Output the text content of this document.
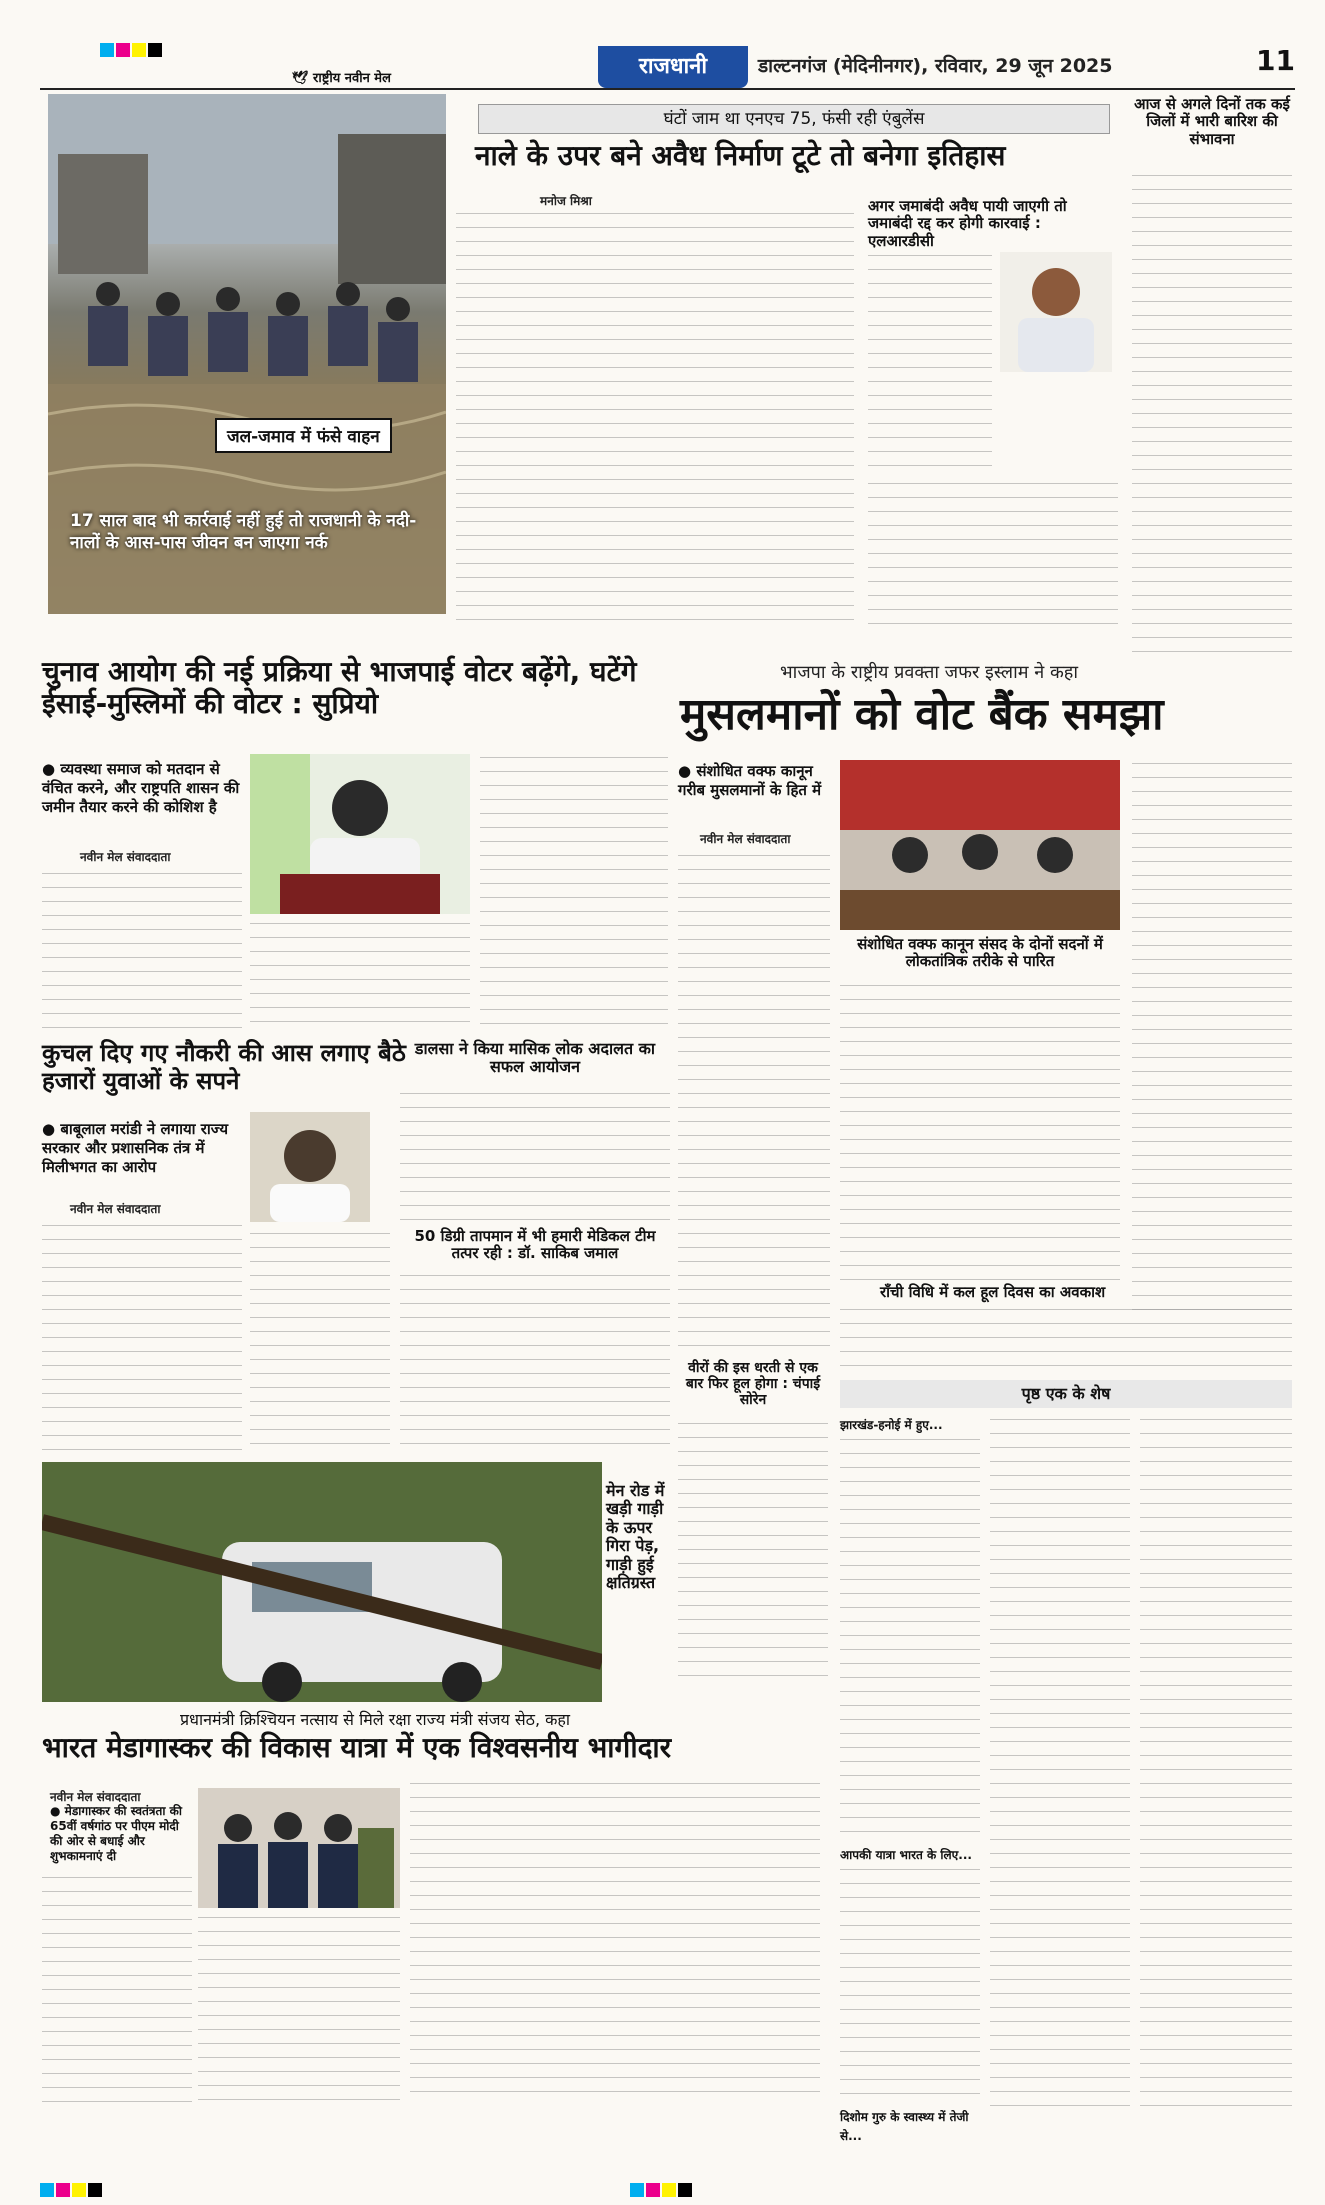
राजधानी	डाल्टनगंज (मेदिनीनगर), रविवार, 29 जून 2025	11
🕊 राष्ट्रीय नवीन मेल
जल-जमाव में फंसे वाहन
17 साल बाद भी कार्रवाई नहीं हुई तो राजधानी के नदी-नालों के आस-पास जीवन बन जाएगा नर्क
घंटों जाम था एनएच 75, फंसी रही एंबुलेंस
नाले के उपर बने अवैध निर्माण टूटे तो बनेगा इतिहास
मनोज मिश्रा	अगर जमाबंदी अवैध पायी जाएगी तो जमाबंदी रद्द कर होगी कारवाई : एलआरडीसी
आज से अगले दिनों तक कई जिलों में भारी बारिश की संभावना
चुनाव आयोग की नई प्रक्रिया से भाजपाई वोटर बढ़ेंगे, घटेंगे ईसाई-मुस्लिमों की वोटर : सुप्रियो
● व्यवस्था समाज को मतदान से वंचित करने, और राष्ट्रपति शासन की जमीन तैयार करने की कोशिश है
नवीन मेल संवाददाता
भाजपा के राष्ट्रीय प्रवक्ता जफर इस्लाम ने कहा
मुसलमानों को वोट बैंक समझा
● संशोधित वक्फ कानून गरीब मुसलमानों के हित में
नवीन मेल संवाददाता
संशोधित वक्फ कानून संसद के दोनों सदनों में लोकतांत्रिक तरीके से पारित
कुचल दिए गए नौकरी की आस लगाए बैठे हजारों युवाओं के सपने
● बाबूलाल मरांडी ने लगाया राज्य सरकार और प्रशासनिक तंत्र में मिलीभगत का आरोप
नवीन मेल संवाददाता
डालसा ने किया मासिक लोक अदालत का सफल आयोजन
50 डिग्री तापमान में भी हमारी मेडिकल टीम तत्पर रही : डॉ. साकिब जमाल
वीरों की इस धरती से एक बार फिर हूल होगा : चंपाई सोरेन
राँची विधि में कल हूल दिवस का अवकाश
मेन रोड में खड़ी गाड़ी के ऊपर गिरा पेड़, गाड़ी हुई क्षतिग्रस्त
पृष्ठ एक के शेष
झारखंड-हनोई में हुए...
आपकी यात्रा भारत के लिए...
दिशोम गुरु के स्वास्थ्य में तेजी से...
प्रधानमंत्री क्रिश्चियन नत्साय से मिले रक्षा राज्य मंत्री संजय सेठ, कहा
भारत मेडागास्कर की विकास यात्रा में एक विश्वसनीय भागीदार
नवीन मेल संवाददाता
● मेडागास्कर की स्वतंत्रता की 65वीं वर्षगांठ पर पीएम मोदी की ओर से बधाई और शुभकामनाएं दी
